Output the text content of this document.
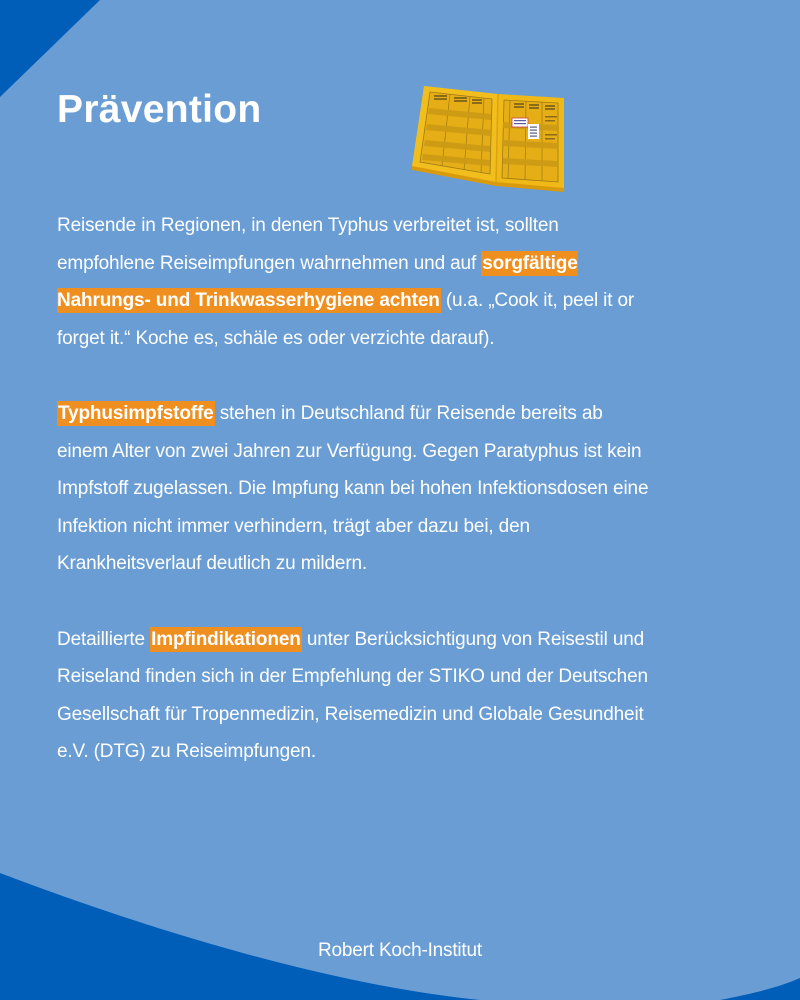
Prävention

Reisende in Regionen, in denen Typhus verbreitet ist, sollten empfohlene Reiseimpfungen wahrnehmen und auf sorgfältige Nahrungs- und Trinkwasserhygiene achten (u.a. „Cook it, peel it or forget it.“ Koche es, schäle es oder verzichte darauf).

Typhusimpfstoffe stehen in Deutschland für Reisende bereits ab einem Alter von zwei Jahren zur Verfügung. Gegen Paratyphus ist kein Impfstoff zugelassen. Die Impfung kann bei hohen Infektionsdosen eine Infektion nicht immer verhindern, trägt aber dazu bei, den Krankheitsverlauf deutlich zu mildern.

Detaillierte Impfindikationen unter Berücksichtigung von Reisestil und Reiseland finden sich in der Empfehlung der STIKO und der Deutschen Gesellschaft für Tropenmedizin, Reisemedizin und Globale Gesundheit e.V. (DTG) zu Reiseimpfungen.

Robert Koch-Institut
